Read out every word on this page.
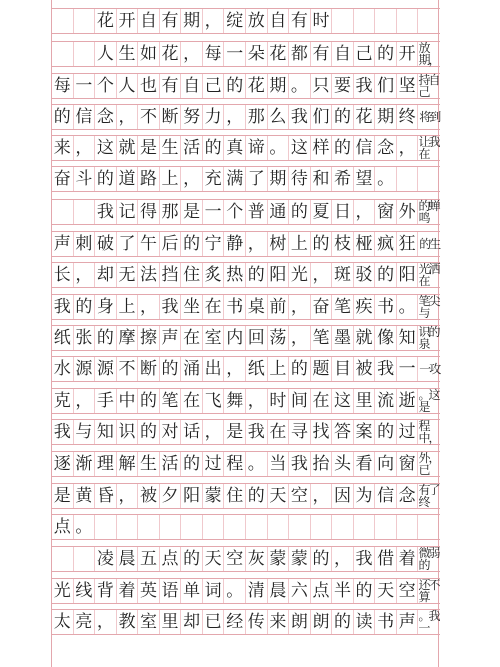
花 开 自 有 期 ， 绽 放 自 有 时
人 生 如 花 ， 每 一 朵 花 都 有 自 己 的 开 放期，
每 一 个 人 也 有 自 己 的 花 期 。 只 要 我 们 坚 持自己
的 信 念 ， 不 断 努 力 ， 那 么 我 们 的 花 期 终 将到
来 ， 这 就 是 生 活 的 真 谛 。 这 样 的 信 念 ， 让我在
奋 斗 的 道 路 上 ， 充 满 了 期 待 和 希 望 。
我 记 得 那 是 一 个 普 通 的 夏 日 ， 窗 外 的蝉鸣
声 刺 破 了 午 后 的 宁 静 ， 树 上 的 枝 桠 疯 狂 的生
长 ， 却 无 法 挡 住 炙 热 的 阳 光 ， 斑 驳 的 阳 光洒在
我 的 身 上 ， 我 坐 在 书 桌 前 ， 奋 笔 疾 书 。 笔尖与
纸 张 的 摩 擦 声 在 室 内 回 荡 ， 笔 墨 就 像 知 识的泉
水 源 源 不 断 的 涌 出 ， 纸 上 的 题 目 被 我 一 一攻
克 ， 手 中 的 笔 在 飞 舞 ， 时 间 在 这 里 流 逝 。这是
我 与 知 识 的 对 话 ， 是 我 在 寻 找 答 案 的 过 程中，
逐 渐 理 解 生 活 的 过 程 。 当 我 抬 头 看 向 窗 外，已
是 黄 昏 ， 被 夕 阳 蒙 住 的 天 空 ， 因 为 信 念 有了终
点 。
凌 晨 五 点 的 天 空 灰 蒙 蒙 的 ， 我 借 着 微弱的
光 线 背 着 英 语 单 词 。 清 晨 六 点 半 的 天 空 还不算
太 亮 ， 教 室 里 却 已 经 传 来 朗 朗 的 读 书 声 。我一
